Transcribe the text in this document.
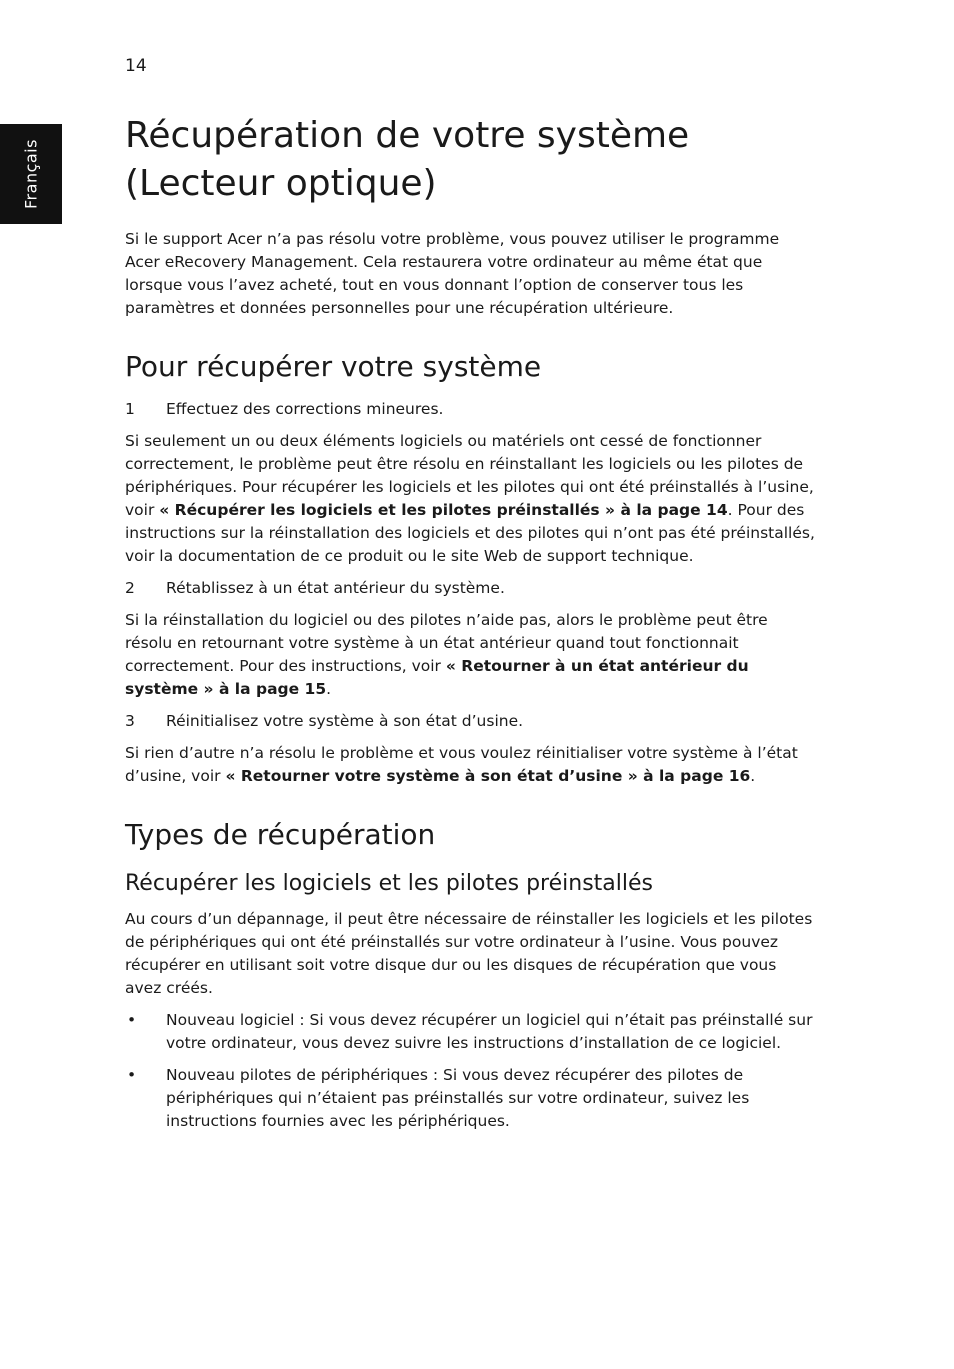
14
Français
Récupération de votre système (Lecteur optique)

Si le support Acer n’a pas résolu votre problème, vous pouvez utiliser le programme Acer eRecovery Management. Cela restaurera votre ordinateur au même état que lorsque vous l’avez acheté, tout en vous donnant l’option de conserver tous les paramètres et données personnelles pour une récupération ultérieure.

Pour récupérer votre système
1	Effectuez des corrections mineures.

Si seulement un ou deux éléments logiciels ou matériels ont cessé de fonctionner correctement, le problème peut être résolu en réinstallant les logiciels ou les pilotes de périphériques. Pour récupérer les logiciels et les pilotes qui ont été préinstallés à l’usine, voir « Récupérer les logiciels et les pilotes préinstallés » à la page 14. Pour des instructions sur la réinstallation des logiciels et des pilotes qui n’ont pas été préinstallés, voir la documentation de ce produit ou le site Web de support technique.

2	Rétablissez à un état antérieur du système.

Si la réinstallation du logiciel ou des pilotes n’aide pas, alors le problème peut être résolu en retournant votre système à un état antérieur quand tout fonctionnait correctement. Pour des instructions, voir « Retourner à un état antérieur du système » à la page 15.

3	Réinitialisez votre système à son état d’usine.

Si rien d’autre n’a résolu le problème et vous voulez réinitialiser votre système à l’état d’usine, voir « Retourner votre système à son état d’usine » à la page 16.

Types de récupération
Récupérer les logiciels et les pilotes préinstallés

Au cours d’un dépannage, il peut être nécessaire de réinstaller les logiciels et les pilotes de périphériques qui ont été préinstallés sur votre ordinateur à l’usine. Vous pouvez récupérer en utilisant soit votre disque dur ou les disques de récupération que vous avez créés.

•	Nouveau logiciel : Si vous devez récupérer un logiciel qui n’était pas préinstallé sur votre ordinateur, vous devez suivre les instructions d’installation de ce logiciel.
•	Nouveau pilotes de périphériques : Si vous devez récupérer des pilotes de périphériques qui n’étaient pas préinstallés sur votre ordinateur, suivez les instructions fournies avec les périphériques.
